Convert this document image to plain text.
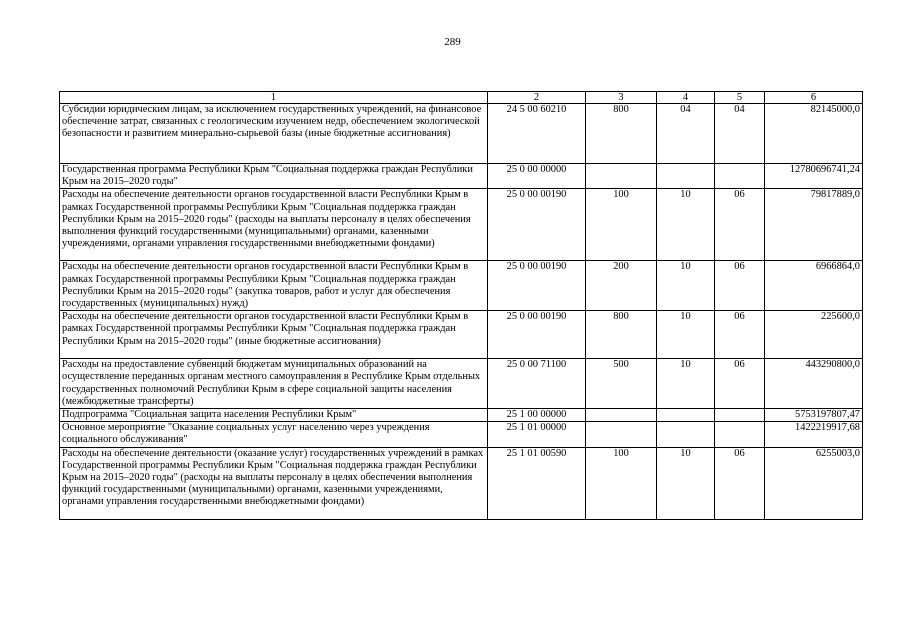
289
1	2	3	4	5	6
Субсидии юридическим лицам, за исключением государственных учреждений, на финансовое обеспечение затрат, связанных с геологическим изучением недр, обеспечением экологической безопасности и развитием минерально-сырьевой базы (иные бюджетные ассигнования)	24 5 00 60210	800	04	04	82145000,0
Государственная программа Республики Крым "Социальная поддержка граждан Республики Крым на 2015–2020 годы"	25 0 00 00000				12780696741,24
Расходы на обеспечение деятельности органов государственной власти Республики Крым в рамках Государственной программы Республики Крым "Социальная поддержка граждан Республики Крым на 2015–2020 годы" (расходы на выплаты персоналу в целях обеспечения выполнения функций государственными (муниципальными) органами, казенными учреждениями, органами управления государственными внебюджетными фондами)	25 0 00 00190	100	10	06	79817889,0
Расходы на обеспечение деятельности органов государственной власти Республики Крым в рамках Государственной программы Республики Крым "Социальная поддержка граждан Республики Крым на 2015–2020 годы" (закупка товаров, работ и услуг для обеспечения государственных (муниципальных) нужд)	25 0 00 00190	200	10	06	6966864,0
Расходы на обеспечение деятельности органов государственной власти Республики Крым в рамках Государственной программы Республики Крым "Социальная поддержка граждан Республики Крым на 2015–2020 годы" (иные бюджетные ассигнования)	25 0 00 00190	800	10	06	225600,0
Расходы на предоставление субвенций бюджетам муниципальных образований на осуществление переданных органам местного самоуправления в Республике Крым отдельных государственных полномочий Республики Крым в сфере социальной защиты населения (межбюджетные трансферты)	25 0 00 71100	500	10	06	443290800,0
Подпрограмма "Социальная защита населения Республики Крым"	25 1 00 00000				5753197807,47
Основное мероприятие "Оказание социальных услуг населению через учреждения социального обслуживания"	25 1 01 00000				1422219917,68
Расходы на обеспечение деятельности (оказание услуг) государственных учреждений в рамках Государственной программы Республики Крым "Социальная поддержка граждан Республики Крым на 2015–2020 годы" (расходы на выплаты персоналу в целях обеспечения выполнения функций государственными (муниципальными) органами, казенными учреждениями, органами управления государственными внебюджетными фондами)	25 1 01 00590	100	10	06	6255003,0
